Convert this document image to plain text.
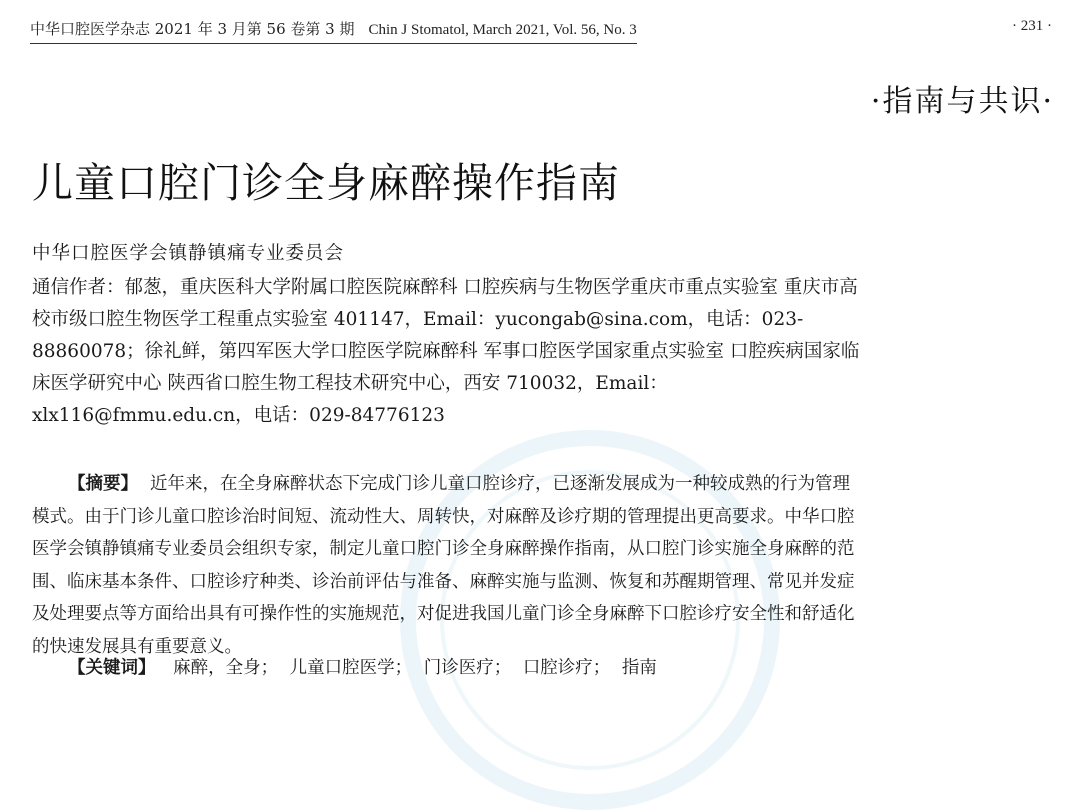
中华口腔医学杂志 2021 年 3 月第 56 卷第 3 期 Chin J Stomatol, March 2021, Vol. 56, No. 3	· 231 ·
·指南与共识·
儿童口腔门诊全身麻醉操作指南
中华口腔医学会镇静镇痛专业委员会
通信作者：郁葱，重庆医科大学附属口腔医院麻醉科 口腔疾病与生物医学重庆市重点实验室 重庆市高校市级口腔生物医学工程重点实验室 401147，Email：yucongab@sina.com，电话：023-88860078；徐礼鲜，第四军医大学口腔医学院麻醉科 军事口腔医学国家重点实验室 口腔疾病国家临床医学研究中心 陕西省口腔生物工程技术研究中心，西安 710032，Email：xlx116@fmmu.edu.cn，电话：029-84776123
【摘要】 近年来，在全身麻醉状态下完成门诊儿童口腔诊疗，已逐渐发展成为一种较成熟的行为管理模式。由于门诊儿童口腔诊治时间短、流动性大、周转快，对麻醉及诊疗期的管理提出更高要求。中华口腔医学会镇静镇痛专业委员会组织专家，制定儿童口腔门诊全身麻醉操作指南，从口腔门诊实施全身麻醉的范围、临床基本条件、口腔诊疗种类、诊治前评估与准备、麻醉实施与监测、恢复和苏醒期管理、常见并发症及处理要点等方面给出具有可操作性的实施规范，对促进我国儿童门诊全身麻醉下口腔诊疗安全性和舒适化的快速发展具有重要意义。
【关键词】 麻醉，全身； 儿童口腔医学； 门诊医疗； 口腔诊疗； 指南
